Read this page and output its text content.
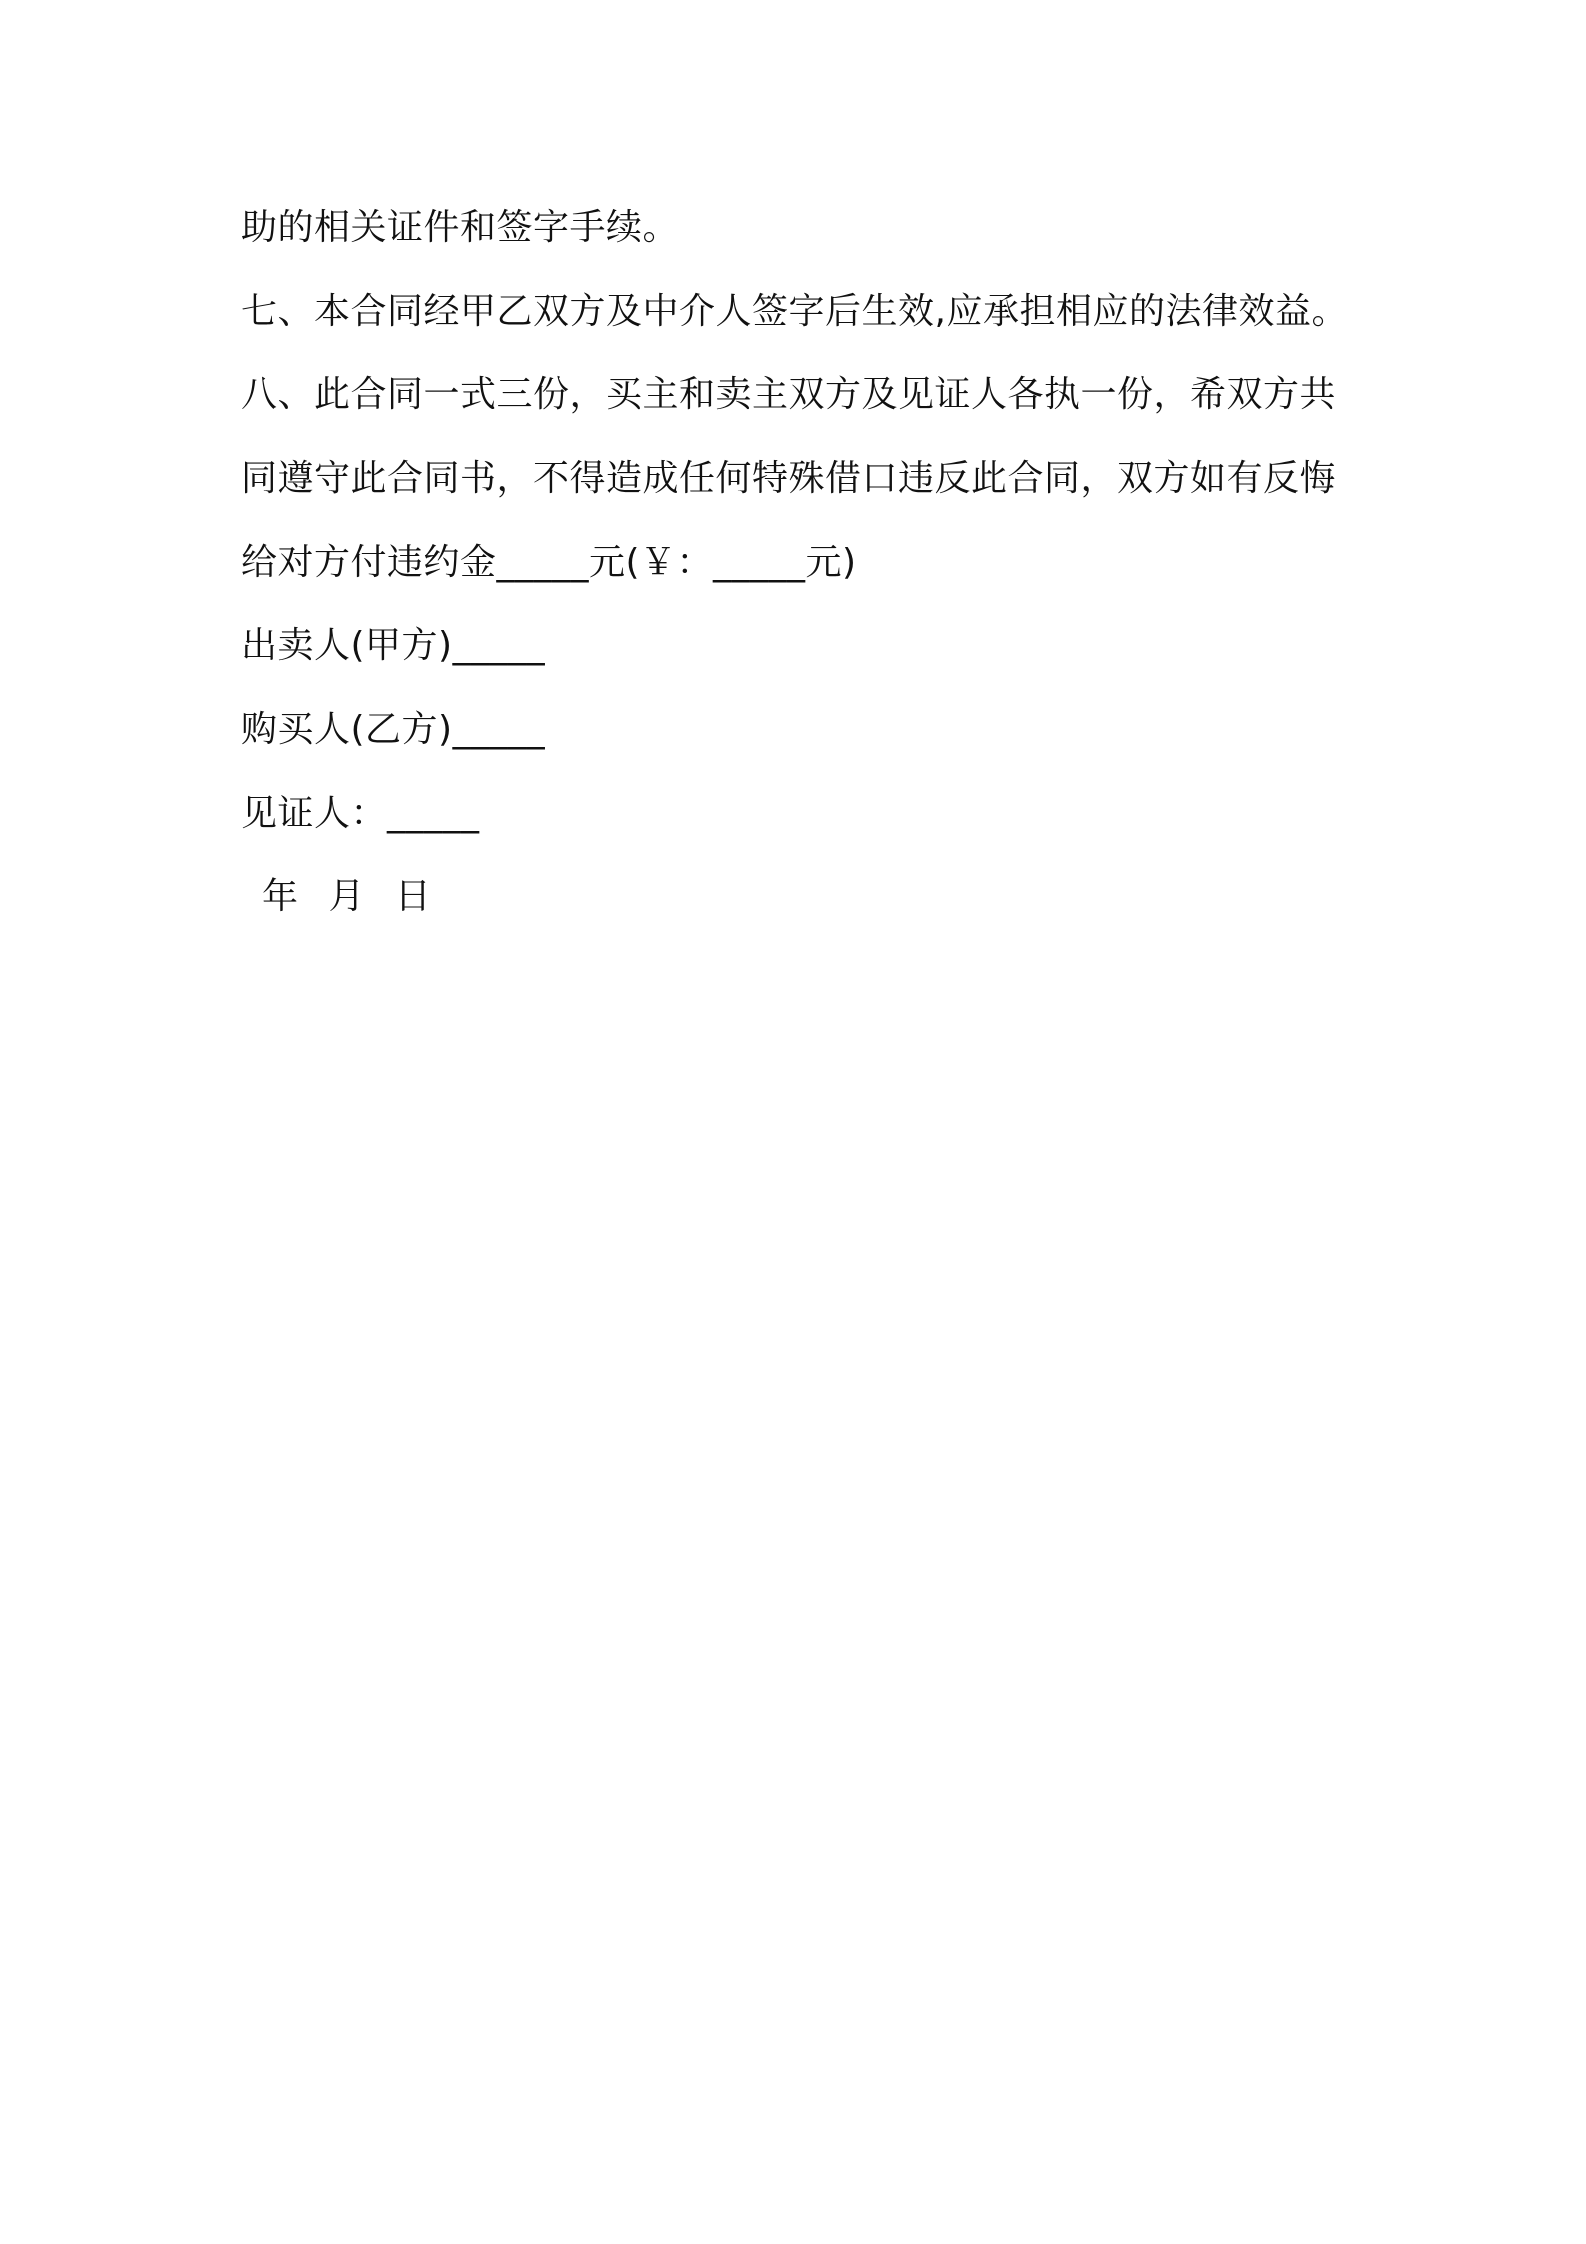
助的相关证件和签字手续。
七、本合同经甲乙双方及中介人签字后生效,应承担相应的法律效益。
八、此合同一式三份，买主和卖主双方及见证人各执一份，希双方共
同遵守此合同书，不得造成任何特殊借口违反此合同，双方如有反悔
给对方付违约金_____元(￥：_____元)
出卖人(甲方)_____
购买人(乙方)_____
见证人：_____
年 月 日
